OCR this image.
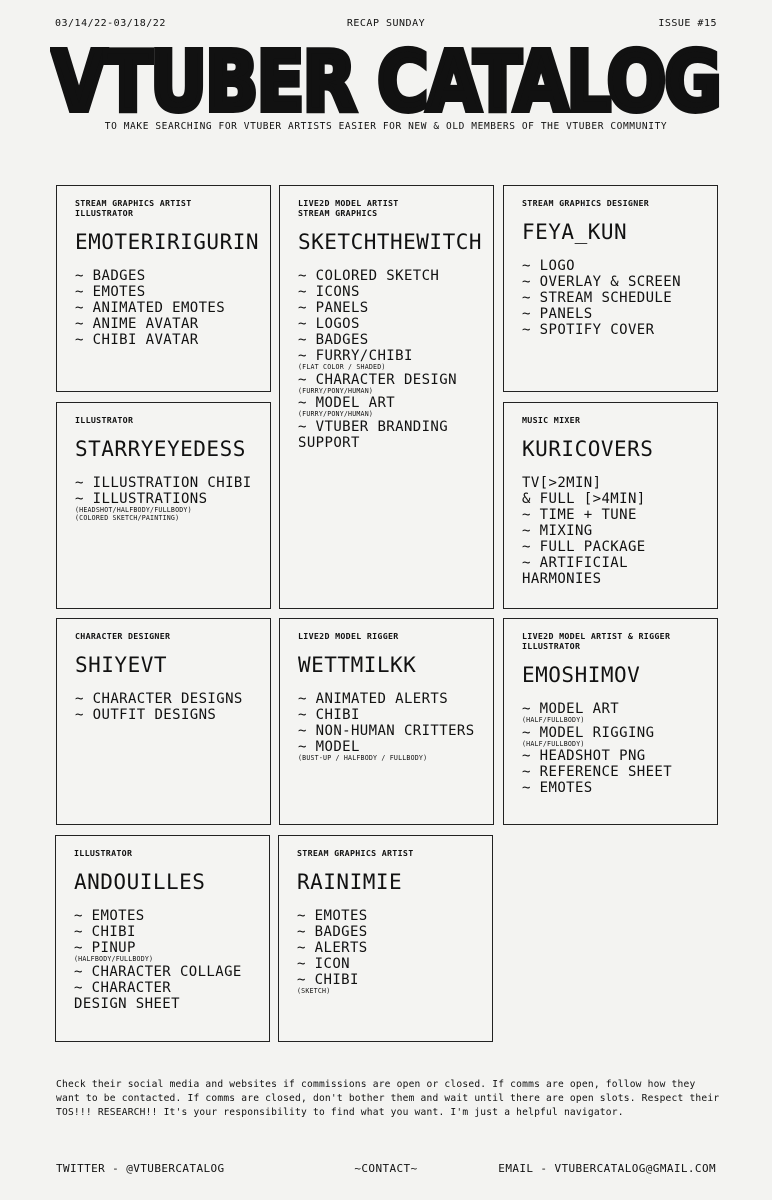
03/14/22-03/18/22	RECAP SUNDAY	ISSUE #15
VTUBER CATALOG
TO MAKE SEARCHING FOR VTUBER ARTISTS EASIER FOR NEW & OLD MEMBERS OF THE VTUBER COMMUNITY
STREAM GRAPHICS ARTIST
ILLUSTRATOR
EMOTERIRIGURIN
~ BADGES
~ EMOTES
~ ANIMATED EMOTES
~ ANIME AVATAR
~ CHIBI AVATAR
LIVE2D MODEL ARTIST
STREAM GRAPHICS
SKETCHTHEWITCH
~ COLORED SKETCH
~ ICONS
~ PANELS
~ LOGOS
~ BADGES
~ FURRY/CHIBI
(FLAT COLOR / SHADED)
~ CHARACTER DESIGN
(FURRY/PONY/HUMAN)
~ MODEL ART
(FURRY/PONY/HUMAN)
~ VTUBER BRANDING
SUPPORT
STREAM GRAPHICS DESIGNER
FEYA_KUN
~ LOGO
~ OVERLAY & SCREEN
~ STREAM SCHEDULE
~ PANELS
~ SPOTIFY COVER
ILLUSTRATOR
STARRYEYEDESS
~ ILLUSTRATION CHIBI
~ ILLUSTRATIONS
(HEADSHOT/HALFBODY/FULLBODY)
(COLORED SKETCH/PAINTING)
MUSIC MIXER
KURICOVERS
TV[>2MIN]
& FULL [>4MIN]
~ TIME + TUNE
~ MIXING
~ FULL PACKAGE
~ ARTIFICIAL
HARMONIES
CHARACTER DESIGNER
SHIYEVT
~ CHARACTER DESIGNS
~ OUTFIT DESIGNS
LIVE2D MODEL RIGGER
WETTMILKK
~ ANIMATED ALERTS
~ CHIBI
~ NON-HUMAN CRITTERS
~ MODEL
(BUST-UP / HALFBODY / FULLBODY)
LIVE2D MODEL ARTIST & RIGGER
ILLUSTRATOR
EMOSHIMOV
~ MODEL ART
(HALF/FULLBODY)
~ MODEL RIGGING
(HALF/FULLBODY)
~ HEADSHOT PNG
~ REFERENCE SHEET
~ EMOTES
ILLUSTRATOR
ANDOUILLES
~ EMOTES
~ CHIBI
~ PINUP
(HALFBODY/FULLBODY)
~ CHARACTER COLLAGE
~ CHARACTER
DESIGN SHEET
STREAM GRAPHICS ARTIST
RAINIMIE
~ EMOTES
~ BADGES
~ ALERTS
~ ICON
~ CHIBI
(SKETCH)
Check their social media and websites if commissions are open or closed. If comms are open, follow how they want to be contacted. If comms are closed, don't bother them and wait until there are open slots. Respect their TOS!!! RESEARCH!! It's your responsibility to find what you want. I'm just a helpful navigator.
TWITTER - @VTUBERCATALOG	~CONTACT~	EMAIL - VTUBERCATALOG@GMAIL.COM
